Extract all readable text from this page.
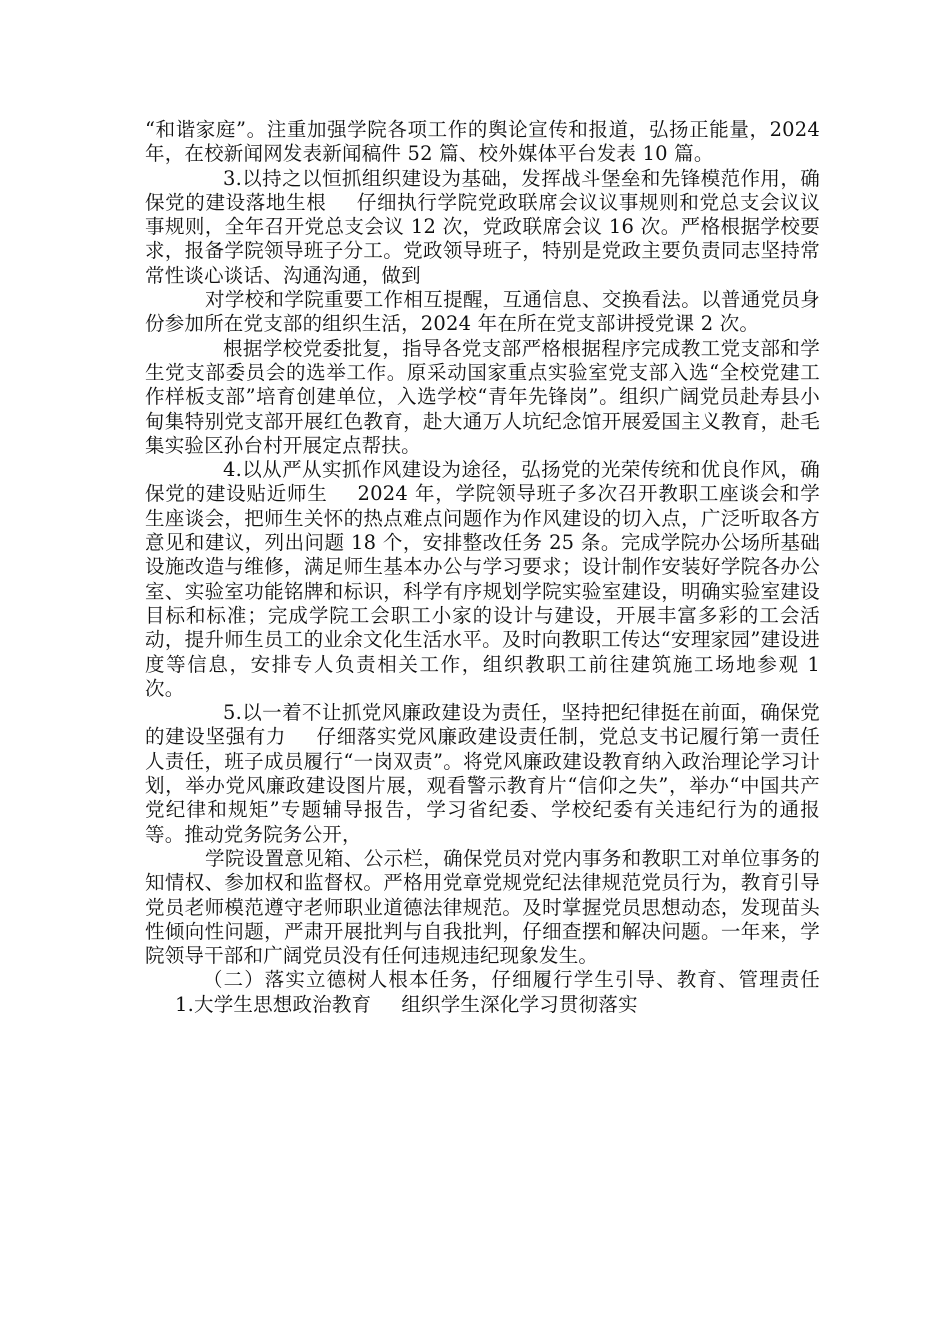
“和谐家庭”。注重加强学院各项工作的舆论宣传和报道，弘扬正能量，2024 年，在校新闻网发表新闻稿件 52 篇、校外媒体平台发表 10 篇。

3.以持之以恒抓组织建设为基础，发挥战斗堡垒和先锋模范作用，确保党的建设落地生根 仔细执行学院党政联席会议议事规则和党总支会议议事规则，全年召开党总支会议 12 次，党政联席会议 16 次。严格根据学校要求，报备学院领导班子分工。党政领导班子，特别是党政主要负责同志坚持常常性谈心谈话、沟通沟通，做到

对学校和学院重要工作相互提醒，互通信息、交换看法。以普通党员身份参加所在党支部的组织生活，2024 年在所在党支部讲授党课 2 次。

根据学校党委批复，指导各党支部严格根据程序完成教工党支部和学生党支部委员会的选举工作。原采动国家重点实验室党支部入选“全校党建工作样板支部”培育创建单位，入选学校“青年先锋岗”。组织广阔党员赴寿县小甸集特别党支部开展红色教育，赴大通万人坑纪念馆开展爱国主义教育，赴毛集实验区孙台村开展定点帮扶。

4.以从严从实抓作风建设为途径，弘扬党的光荣传统和优良作风，确保党的建设贴近师生 2024 年，学院领导班子多次召开教职工座谈会和学生座谈会，把师生关怀的热点难点问题作为作风建设的切入点，广泛听取各方意见和建议，列出问题 18 个，安排整改任务 25 条。完成学院办公场所基础设施改造与维修，满足师生基本办公与学习要求；设计制作安装好学院各办公室、实验室功能铭牌和标识，科学有序规划学院实验室建设，明确实验室建设目标和标准；完成学院工会职工小家的设计与建设，开展丰富多彩的工会活动，提升师生员工的业余文化生活水平。及时向教职工传达“安理家园”建设进度等信息，安排专人负责相关工作，组织教职工前往建筑施工场地参观 1 次。

5.以一着不让抓党风廉政建设为责任，坚持把纪律挺在前面，确保党的建设坚强有力 仔细落实党风廉政建设责任制，党总支书记履行第一责任人责任，班子成员履行“一岗双责”。将党风廉政建设教育纳入政治理论学习计划，举办党风廉政建设图片展，观看警示教育片“信仰之失”，举办“中国共产党纪律和规矩”专题辅导报告，学习省纪委、学校纪委有关违纪行为的通报等。推动党务院务公开，

学院设置意见箱、公示栏，确保党员对党内事务和教职工对单位事务的知情权、参加权和监督权。严格用党章党规党纪法律规范党员行为，教育引导党员老师模范遵守老师职业道德法律规范。及时掌握党员思想动态，发现苗头性倾向性问题，严肃开展批判与自我批判，仔细查摆和解决问题。一年来，学院领导干部和广阔党员没有任何违规违纪现象发生。

（二）落实立德树人根本任务，仔细履行学生引导、教育、管理责任1.大学生思想政治教育 组织学生深化学习贯彻落实
